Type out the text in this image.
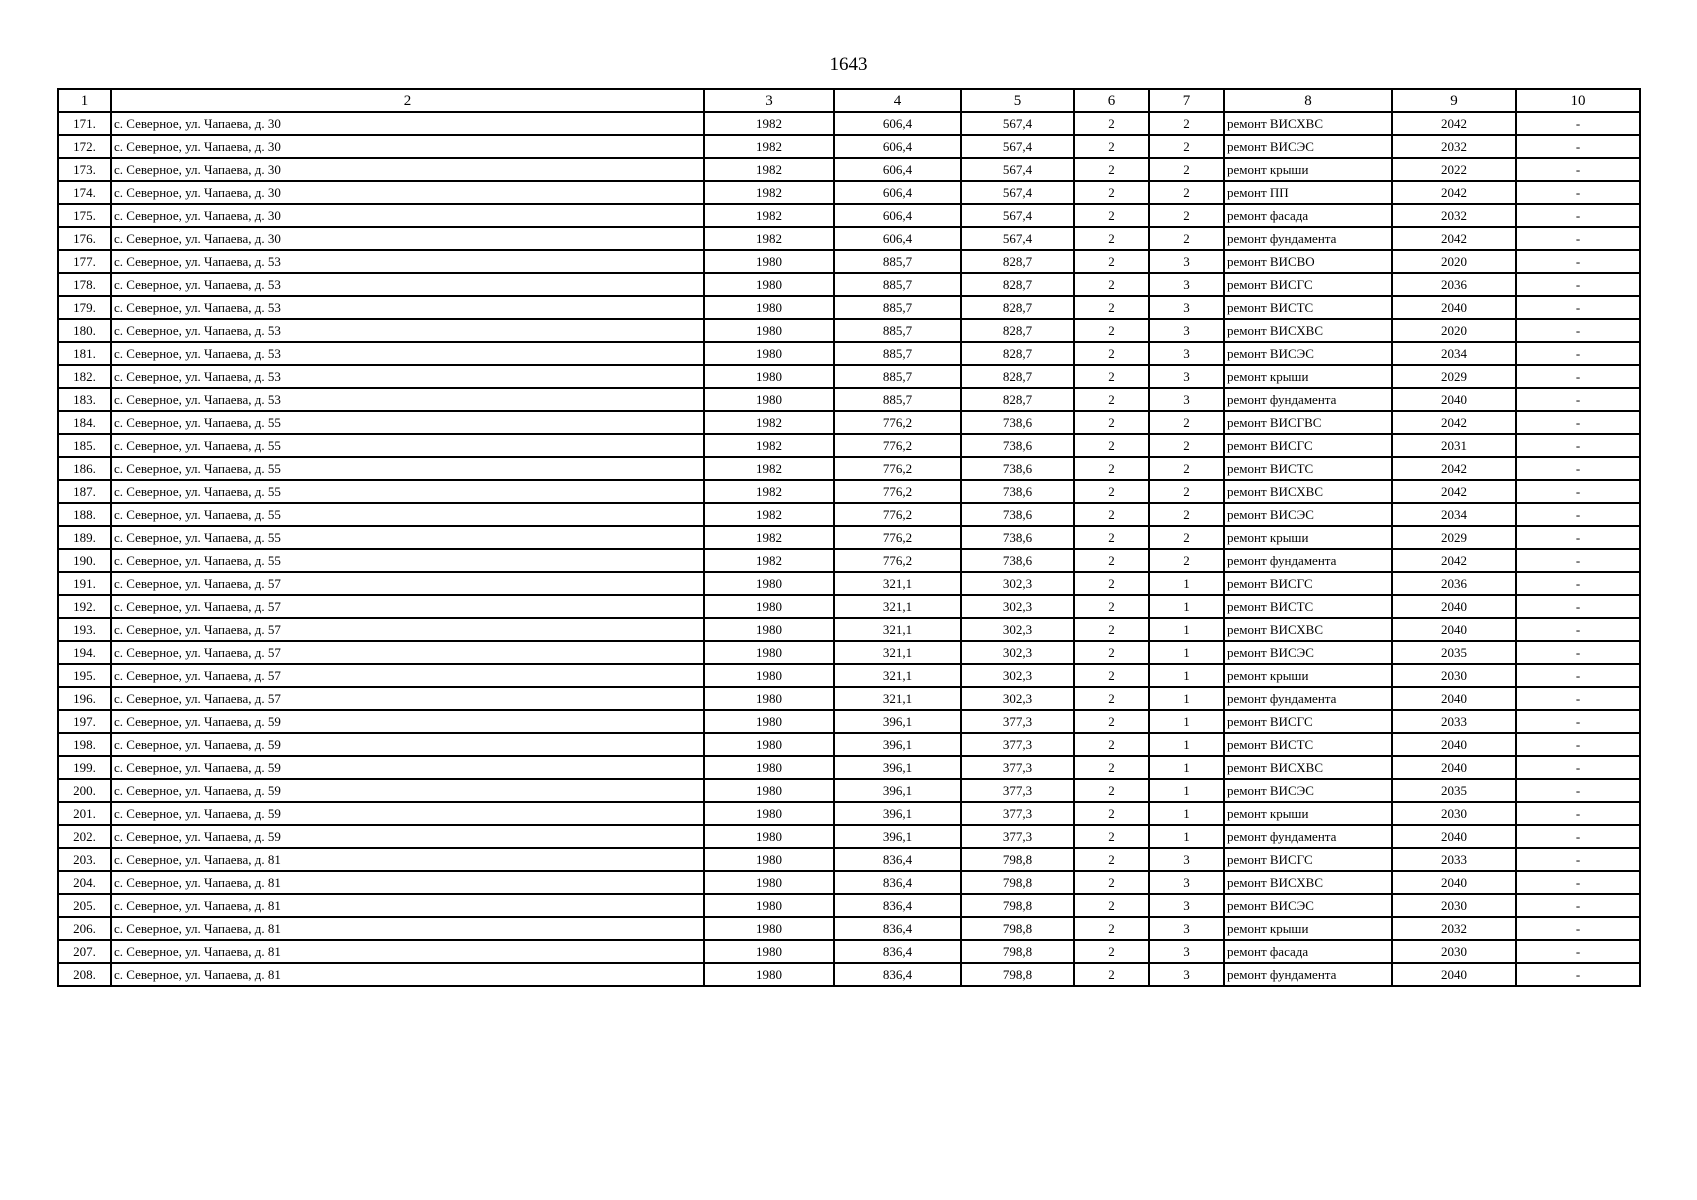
1643
1	2	3	4	5	6	7	8	9	10
171.	с. Северное, ул. Чапаева, д. 30	1982	606,4	567,4	2	2	ремонт ВИСХВС	2042	-
172.	с. Северное, ул. Чапаева, д. 30	1982	606,4	567,4	2	2	ремонт ВИСЭС	2032	-
173.	с. Северное, ул. Чапаева, д. 30	1982	606,4	567,4	2	2	ремонт крыши	2022	-
174.	с. Северное, ул. Чапаева, д. 30	1982	606,4	567,4	2	2	ремонт ПП	2042	-
175.	с. Северное, ул. Чапаева, д. 30	1982	606,4	567,4	2	2	ремонт фасада	2032	-
176.	с. Северное, ул. Чапаева, д. 30	1982	606,4	567,4	2	2	ремонт фундамента	2042	-
177.	с. Северное, ул. Чапаева, д. 53	1980	885,7	828,7	2	3	ремонт ВИСВО	2020	-
178.	с. Северное, ул. Чапаева, д. 53	1980	885,7	828,7	2	3	ремонт ВИСГС	2036	-
179.	с. Северное, ул. Чапаева, д. 53	1980	885,7	828,7	2	3	ремонт ВИСТС	2040	-
180.	с. Северное, ул. Чапаева, д. 53	1980	885,7	828,7	2	3	ремонт ВИСХВС	2020	-
181.	с. Северное, ул. Чапаева, д. 53	1980	885,7	828,7	2	3	ремонт ВИСЭС	2034	-
182.	с. Северное, ул. Чапаева, д. 53	1980	885,7	828,7	2	3	ремонт крыши	2029	-
183.	с. Северное, ул. Чапаева, д. 53	1980	885,7	828,7	2	3	ремонт фундамента	2040	-
184.	с. Северное, ул. Чапаева, д. 55	1982	776,2	738,6	2	2	ремонт ВИСГВС	2042	-
185.	с. Северное, ул. Чапаева, д. 55	1982	776,2	738,6	2	2	ремонт ВИСГС	2031	-
186.	с. Северное, ул. Чапаева, д. 55	1982	776,2	738,6	2	2	ремонт ВИСТС	2042	-
187.	с. Северное, ул. Чапаева, д. 55	1982	776,2	738,6	2	2	ремонт ВИСХВС	2042	-
188.	с. Северное, ул. Чапаева, д. 55	1982	776,2	738,6	2	2	ремонт ВИСЭС	2034	-
189.	с. Северное, ул. Чапаева, д. 55	1982	776,2	738,6	2	2	ремонт крыши	2029	-
190.	с. Северное, ул. Чапаева, д. 55	1982	776,2	738,6	2	2	ремонт фундамента	2042	-
191.	с. Северное, ул. Чапаева, д. 57	1980	321,1	302,3	2	1	ремонт ВИСГС	2036	-
192.	с. Северное, ул. Чапаева, д. 57	1980	321,1	302,3	2	1	ремонт ВИСТС	2040	-
193.	с. Северное, ул. Чапаева, д. 57	1980	321,1	302,3	2	1	ремонт ВИСХВС	2040	-
194.	с. Северное, ул. Чапаева, д. 57	1980	321,1	302,3	2	1	ремонт ВИСЭС	2035	-
195.	с. Северное, ул. Чапаева, д. 57	1980	321,1	302,3	2	1	ремонт крыши	2030	-
196.	с. Северное, ул. Чапаева, д. 57	1980	321,1	302,3	2	1	ремонт фундамента	2040	-
197.	с. Северное, ул. Чапаева, д. 59	1980	396,1	377,3	2	1	ремонт ВИСГС	2033	-
198.	с. Северное, ул. Чапаева, д. 59	1980	396,1	377,3	2	1	ремонт ВИСТС	2040	-
199.	с. Северное, ул. Чапаева, д. 59	1980	396,1	377,3	2	1	ремонт ВИСХВС	2040	-
200.	с. Северное, ул. Чапаева, д. 59	1980	396,1	377,3	2	1	ремонт ВИСЭС	2035	-
201.	с. Северное, ул. Чапаева, д. 59	1980	396,1	377,3	2	1	ремонт крыши	2030	-
202.	с. Северное, ул. Чапаева, д. 59	1980	396,1	377,3	2	1	ремонт фундамента	2040	-
203.	с. Северное, ул. Чапаева, д. 81	1980	836,4	798,8	2	3	ремонт ВИСГС	2033	-
204.	с. Северное, ул. Чапаева, д. 81	1980	836,4	798,8	2	3	ремонт ВИСХВС	2040	-
205.	с. Северное, ул. Чапаева, д. 81	1980	836,4	798,8	2	3	ремонт ВИСЭС	2030	-
206.	с. Северное, ул. Чапаева, д. 81	1980	836,4	798,8	2	3	ремонт крыши	2032	-
207.	с. Северное, ул. Чапаева, д. 81	1980	836,4	798,8	2	3	ремонт фасада	2030	-
208.	с. Северное, ул. Чапаева, д. 81	1980	836,4	798,8	2	3	ремонт фундамента	2040	-
